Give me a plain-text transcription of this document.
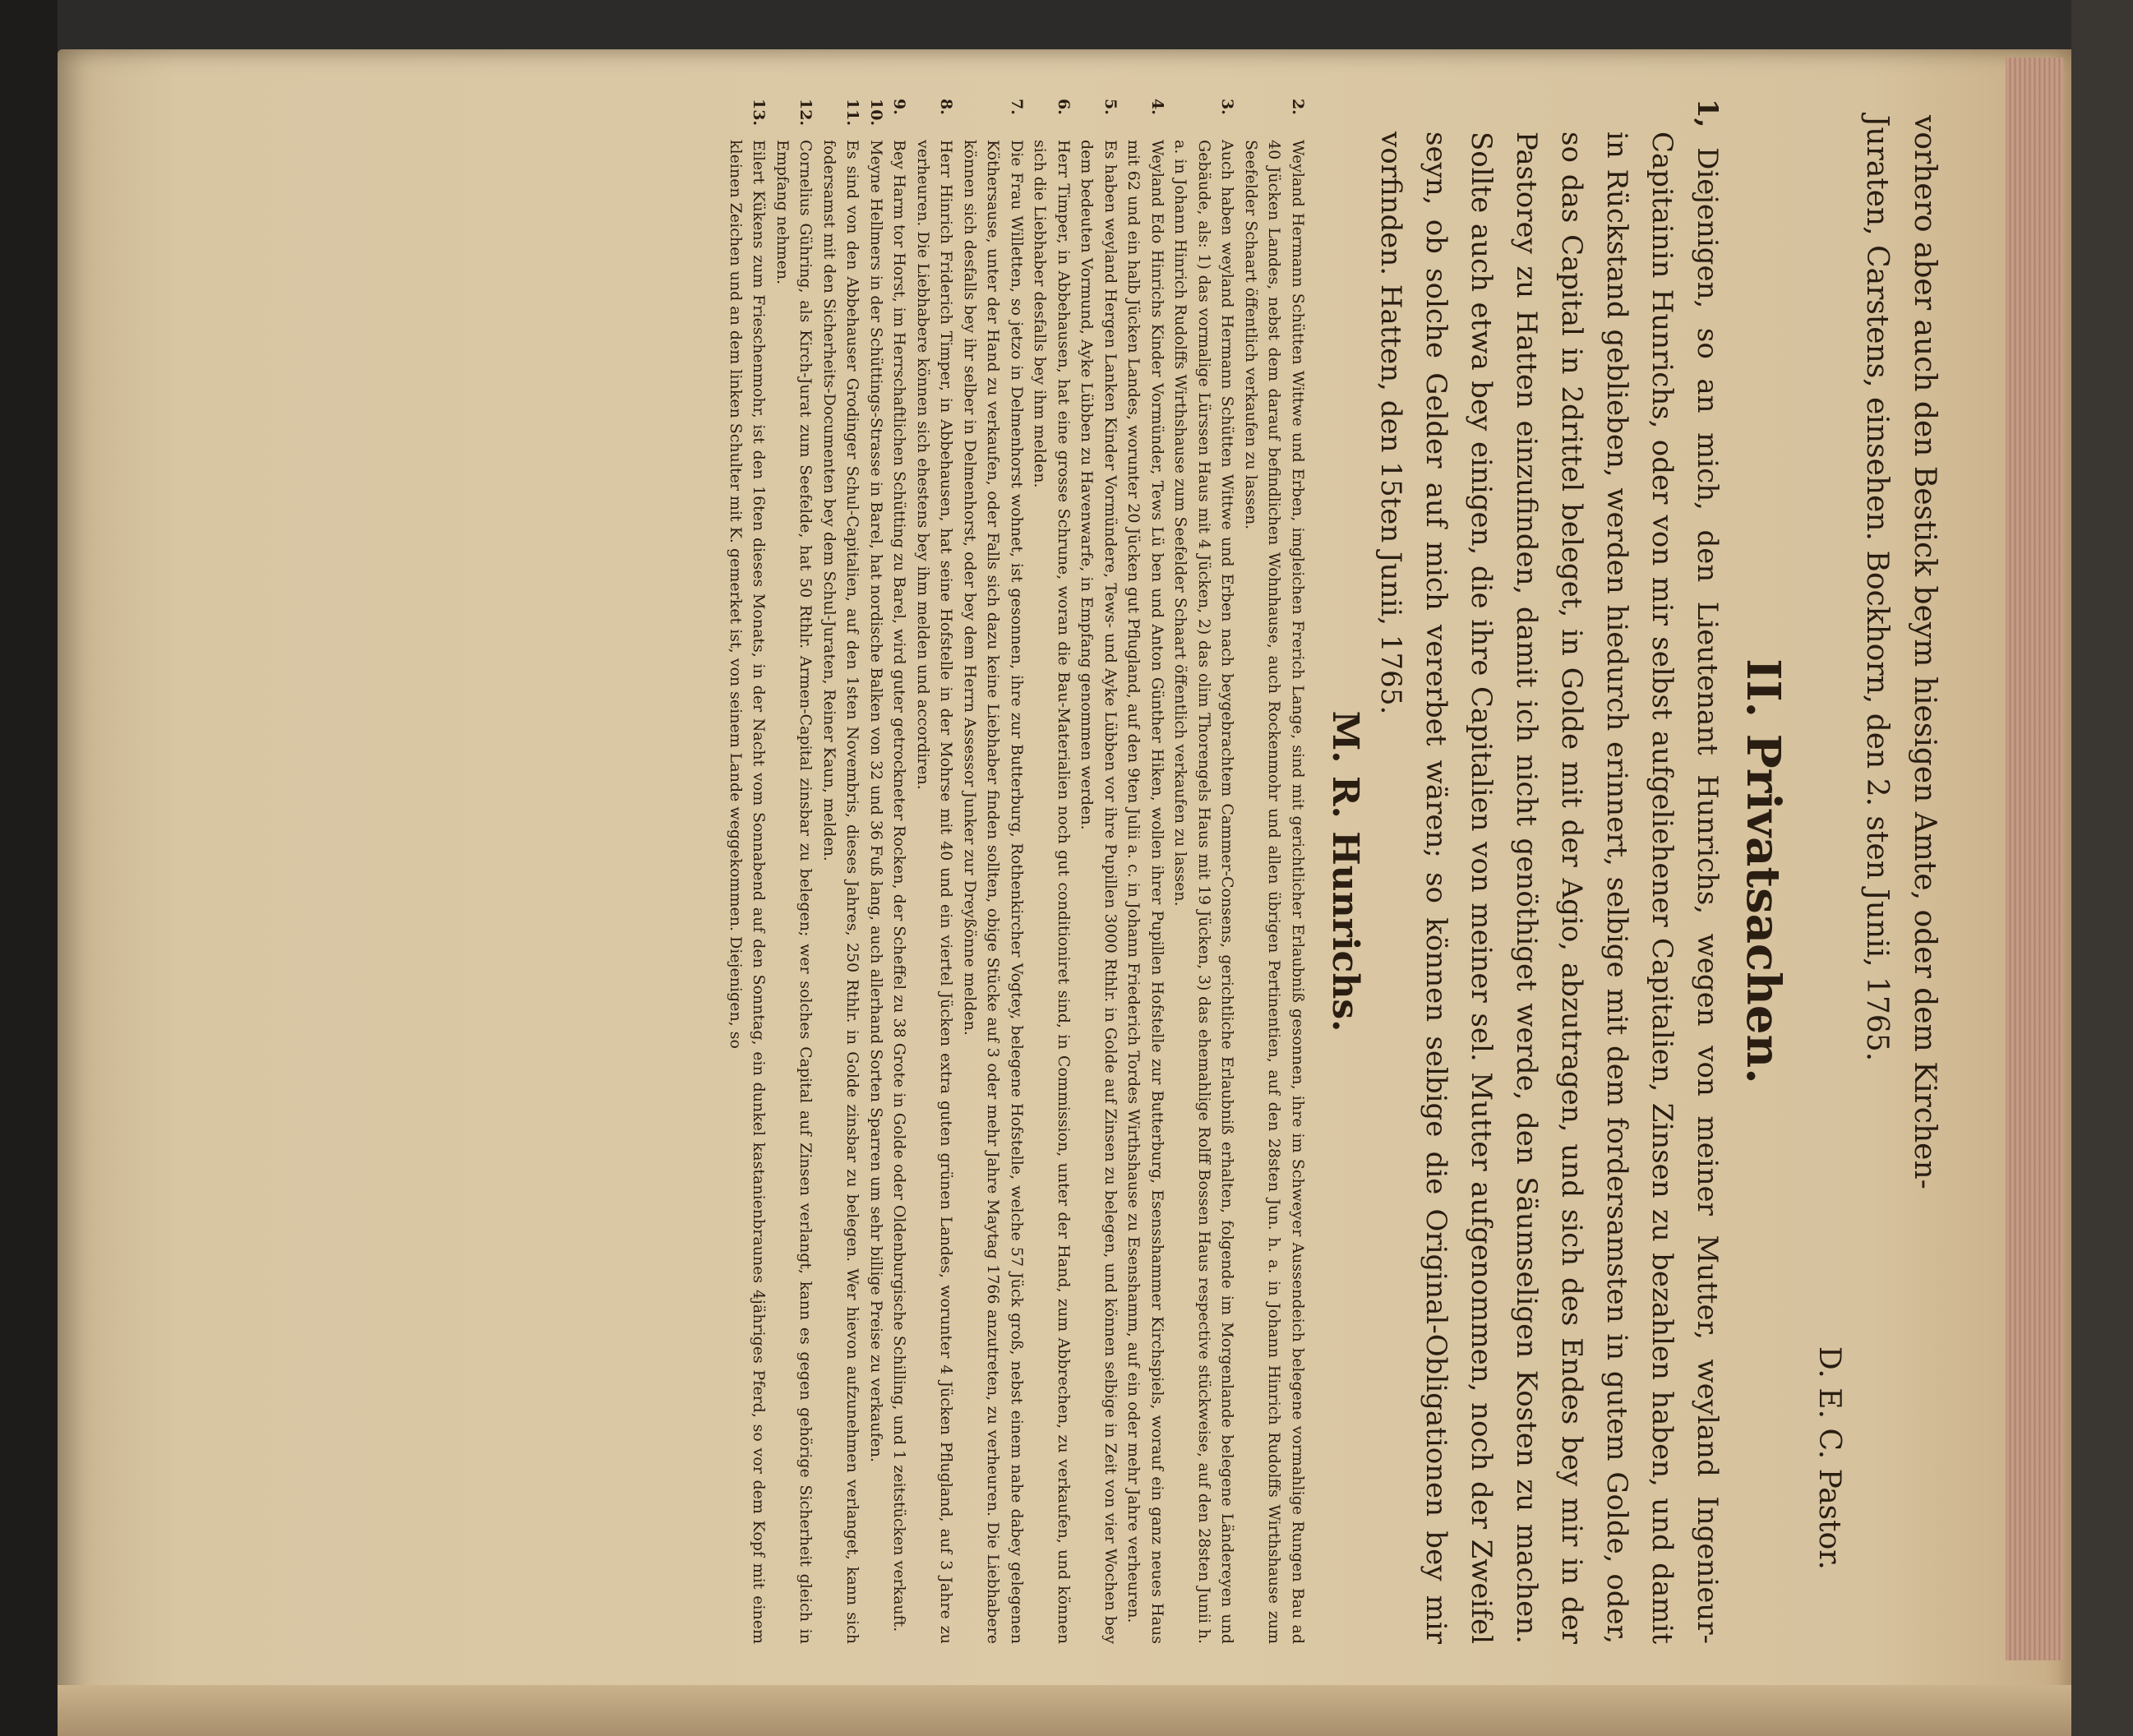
vorhero aber auch den Bestick beym hiesigen Amte, oder dem Kirchen-
Juraten, Carstens, einsehen. Bockhorn, den 2. sten Junii, 1765.
D. E. C. Pastor.
II. Privatsachen.
1, Diejenigen, so an mich, den Lieutenant Hunrichs, wegen von meiner Mutter, weyland Ingenieur-Capitainin Hunrichs, oder von mir selbst aufgeliehener Capitalien, Zinsen zu bezahlen haben, und damit in Rückstand geblieben, werden hiedurch erinnert, selbige mit dem fordersamsten in gutem Golde, oder, so das Capital in 2drittel beleget, in Golde mit der Agio, abzutragen, und sich des Endes bey mir in der Pastorey zu Hatten einzufinden, damit ich nicht genöthiget werde, den Säumseligen Kosten zu machen. Sollte auch etwa bey einigen, die ihre Capitalien von meiner sel. Mutter aufgenommen, noch der Zweifel seyn, ob solche Gelder auf mich vererbet wären; so können selbige die Original-Obligationen bey mir vorfinden. Hatten, den 15ten Junii, 1765.
M. R. Hunrichs.
2.
Weyland Hermann Schütten Wittwe und Erben, imgleichen Frerich Lange, sind mit gerichtlicher Erlaubniß gesonnen, ihre im Schweyer Aussendeich belegene vormahlige Rungen Bau ad 40 Jücken Landes, nebst dem darauf befindlichen Wohnhause, auch Rockenmohr und allen übrigen Pertinentien, auf den 28sten Jun. h. a. in Johann Hinrich Rudolffs Wirthshause zum Seefelder Schaart öffentlich verkaufen zu lassen.
3.
Auch haben weyland Hermann Schütten Wittwe und Erben nach beygebrachtem Cammer-Consens, gerichtliche Erlaubniß erhalten, folgende im Morgenlande belegene Ländereyen und Gebäude, als: 1) das vormalige Lürssen Haus mit 4 Jücken, 2) das olim Thorengels Haus mit 19 Jücken, 3) das ehemahlige Rolff Bossen Haus respective stückweise, auf den 28sten Junii h. a. in Johann Hinrich Rudolffs Wirthshause zum Seefelder Schaart öffentlich verkaufen zu lassen.
4.
Weyland Edo Hinrichs Kinder Vormünder, Tews Lü ben und Anton Günther Hiken, wollen ihrer Pupillen Hofstelle zur Butterburg, Esensshammer Kirchspiels, worauf ein ganz neues Haus mit 62 und ein halb Jücken Landes, worunter 20 Jücken gut Pflugland, auf den 9ten Julii a. c. in Johann Friederich Tordes Wirthshause zu Esenshamm, auf ein oder mehr Jahre verheuren.
5.
Es haben weyland Hergen Lanken Kinder Vormündere, Tews- und Ayke Lübben vor ihre Pupillen 3000 Rthlr. in Golde auf Zinsen zu belegen, und können selbige in Zeit von vier Wochen bey dem bedeuten Vormund, Ayke Lübben zu Havenwarfe, in Empfang genommen werden.
6.
Herr Timper, in Abbehausen, hat eine grosse Schrune, woran die Bau-Materialien noch gut conditioniret sind, in Commission, unter der Hand, zum Abbrechen, zu verkaufen, und können sich die Liebhaber desfalls bey ihm melden.
7.
Die Frau Willetten, so jetzo in Delmenhorst wohnet, ist gesonnen, ihre zur Butterburg, Rothenkircher Vogtey, belegene Hofstelle, welche 57 Jück groß, nebst einem nahe dabey gelegenen Köthersause, unter der Hand zu verkaufen, oder Falls sich dazu keine Liebhaber finden sollten, obige Stücke auf 3 oder mehr Jahre Maytag 1766 anzutreten, zu verheuren. Die Liebhabere können sich desfalls bey ihr selber in Delmenhorst, oder bey dem Herrn Assessor Junker zur Dreyßönne melden.
8.
Herr Hinrich Friderich Timper, in Abbehausen, hat seine Hofstelle in der Mohrse mit 40 und ein viertel Jücken extra guten grünen Landes, worunter 4 Jücken Pflugland, auf 3 Jahre zu verheuren. Die Liebhabere können sich ehestens bey ihm melden und accordiren.
9.
Bey Harm tor Horst, im Herrschaftlichen Schütting zu Barel, wird guter getrockneter Rocken, der Scheffel zu 38 Grote in Golde oder Oldenburgische Schilling, und 1 zeitstücken verkauft.
10.
Meyne Hellmers in der Schüttings-Strasse in Barel, hat nordische Balken von 32 und 36 Fuß lang, auch allerhand Sorten Sparren um sehr billige Preise zu verkaufen.
11.
Es sind von den Abbehauser Grodinger Schul-Capitalien, auf den 1sten Novembris, dieses Jahres, 250 Rthlr. in Golde zinsbar zu belegen. Wer hievon aufzunehmen verlanget, kann sich fodersamst mit den Sicherheits-Documenten bey dem Schul-Juraten, Reiner Kaun, melden.
12.
Cornelius Gühring, als Kirch-Jurat zum Seefelde, hat 50 Rthlr. Armen-Capital zinsbar zu belegen; wer solches Capital auf Zinsen verlangt, kann es gegen gehörige Sicherheit gleich in Empfang nehmen.
13.
Eilert Kükens zum Frieschenmohr, ist den 16ten dieses Monats, in der Nacht vom Sonnabend auf den Sonntag, ein dunkel kastanienbraunes 4jähriges Pferd, so vor dem Kopf mit einem kleinen Zeichen und an dem linken Schulter mit K. gemerket ist, von seinem Lande weggekommen. Diejenigen, so
